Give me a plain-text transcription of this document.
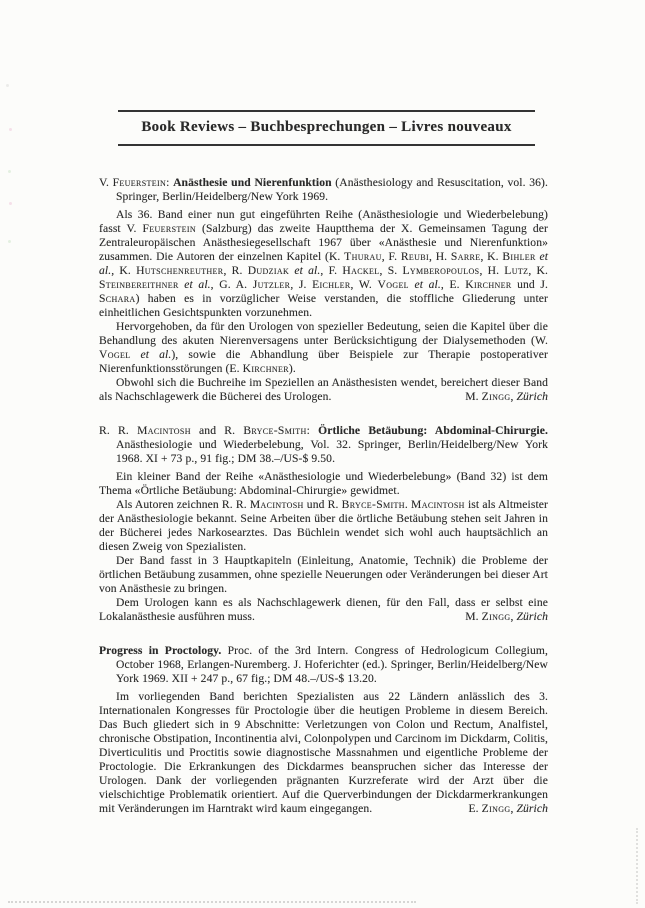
Book Reviews – Buchbesprechungen – Livres nouveaux

V. Feuerstein: Anästhesie und Nierenfunktion (Anästhesiology and Resuscitation, vol. 36). Springer, Berlin/Heidelberg/New York 1969.

Als 36. Band einer nun gut eingeführten Reihe (Anästhesiologie und Wiederbelebung) fasst V. Feuerstein (Salzburg) das zweite Hauptthema der X. Gemeinsamen Tagung der Zentraleuropäischen Anästhesiegesellschaft 1967 über «Anästhesie und Nierenfunktion» zusammen. Die Autoren der einzelnen Kapitel (K. Thurau, F. Reubi, H. Sarre, K. Bihler et al., K. Hutschenreuther, R. Dudziak et al., F. Hackel, S. Lymberopoulos, H. Lutz, K. Steinbereithner et al., G. A. Jutzler, J. Eichler, W. Vogel et al., E. Kirchner und J. Schara) haben es in vorzüglicher Weise verstanden, die stoffliche Gliederung unter einheitlichen Gesichtspunkten vorzunehmen.

Hervorgehoben, da für den Urologen von spezieller Bedeutung, seien die Kapitel über die Behandlung des akuten Nierenversagens unter Berücksichtigung der Dialysemethoden (W. Vogel et al.), sowie die Abhandlung über Beispiele zur Therapie postoperativer Nierenfunktionsstörungen (E. Kirchner).

Obwohl sich die Buchreihe im Speziellen an Anästhesisten wendet, bereichert dieser Band als Nachschlagewerk die Bücherei des Urologen.	M. Zingg, Zürich

R. R. Macintosh and R. Bryce-Smith: Örtliche Betäubung: Abdominal-Chirurgie. Anästhesiologie und Wiederbelebung, Vol. 32. Springer, Berlin/Heidelberg/New York 1968. XI + 73 p., 91 fig.; DM 38.–/US-$ 9.50.

Ein kleiner Band der Reihe «Anästhesiologie und Wiederbelebung» (Band 32) ist dem Thema «Örtliche Betäubung: Abdominal-Chirurgie» gewidmet.

Als Autoren zeichnen R. R. Macintosh und R. Bryce-Smith. Macintosh ist als Altmeister der Anästhesiologie bekannt. Seine Arbeiten über die örtliche Betäubung stehen seit Jahren in der Bücherei jedes Narkosearztes. Das Büchlein wendet sich wohl auch hauptsächlich an diesen Zweig von Spezialisten.

Der Band fasst in 3 Hauptkapiteln (Einleitung, Anatomie, Technik) die Probleme der örtlichen Betäubung zusammen, ohne spezielle Neuerungen oder Veränderungen bei dieser Art von Anästhesie zu bringen.

Dem Urologen kann es als Nachschlagewerk dienen, für den Fall, dass er selbst eine Lokalanästhesie ausführen muss.	M. Zingg, Zürich

Progress in Proctology. Proc. of the 3rd Intern. Congress of Hedrologicum Collegium, October 1968, Erlangen-Nuremberg. J. Hoferichter (ed.). Springer, Berlin/Heidelberg/New York 1969. XII + 247 p., 67 fig.; DM 48.–/US-$ 13.20.

Im vorliegenden Band berichten Spezialisten aus 22 Ländern anlässlich des 3. Internationalen Kongresses für Proctologie über die heutigen Probleme in diesem Bereich. Das Buch gliedert sich in 9 Abschnitte: Verletzungen von Colon und Rectum, Analfistel, chronische Obstipation, Incontinentia alvi, Colonpolypen und Carcinom im Dickdarm, Colitis, Diverticulitis und Proctitis sowie diagnostische Massnahmen und eigentliche Probleme der Proctologie. Die Erkrankungen des Dickdarmes beanspruchen sicher das Interesse der Urologen. Dank der vorliegenden prägnanten Kurzreferate wird der Arzt über die vielschichtige Problematik orientiert. Auf die Querverbindungen der Dickdarmerkrankungen mit Veränderungen im Harntrakt wird kaum eingegangen.	E. Zingg, Zürich
